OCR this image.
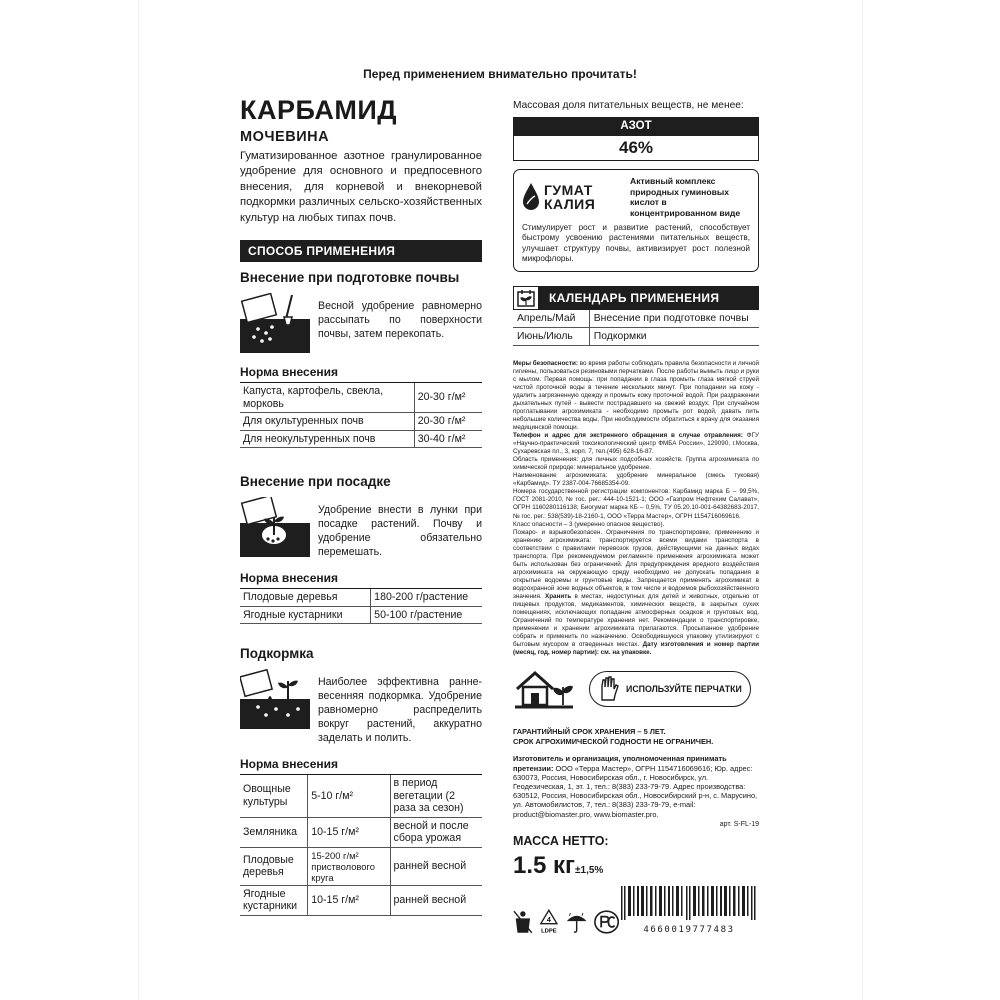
Перед применением внимательно прочитать!
КАРБАМИД
МОЧЕВИНА
Гуматизированное азотное гранулированное удобрение для основного и предпосевного внесения, для корневой и внекорневой подкормки различных сельско-хозяйственных культур на любых типах почв.
СПОСОБ ПРИМЕНЕНИЯ
Внесение при подготовке почвы
Весной удобрение равномерно рассыпать по поверхности почвы, затем перекопать.
Норма внесения
Капуста, картофель, свекла, морковь	20-30 г/м²
Для окультуренных почв	20-30 г/м²
Для неокультуренных почв	30-40 г/м²
Внесение при посадке
Удобрение внести в лунки при посадке растений. Почву и удобрение обязательно перемешать.
Норма внесения
Плодовые деревья	180-200 г/растение
Ягодные кустарники	50-100 г/растение
Подкормка
Наиболее эффективна ранне-весенняя подкормка. Удобрение равномерно распределить вокруг растений, аккуратно заделать и полить.
Норма внесения
Овощные культуры	5-10 г/м²	в период вегетации (2 раза за сезон)
Земляника	10-15 г/м²	весной и после сбора урожая
Плодовые деревья	15-200 г/м² пристволового круга	ранней весной
Ягодные кустарники	10-15 г/м²	ранней весной
Массовая доля питательных веществ, не менее:
АЗОТ
46%
ГУМАТ
КАЛИЯ
Активный комплекс природных гуминовых кислот в концентрированном виде
Стимулирует рост и развитие растений, способствует быстрому усвоению растениями питательных веществ, улучшает структуру почвы, активизирует рост полезной микрофлоры.
КАЛЕНДАРЬ ПРИМЕНЕНИЯ
Апрель/Май	Внесение при подготовке почвы
Июнь/Июль	Подкормки
Меры безопасности: во время работы соблюдать правила безопасности и личной гигиены, пользоваться резиновыми перчатками. После работы вымыть лицо и руки с мылом. Первая помощь: при попадании в глаза промыть глаза мягкой струей чистой проточной воды в течение нескольких минут. При попадании на кожу - удалить загрязненную одежду и промыть кожу проточной водой. При раздражении дыхательных путей - вывести пострадавшего на свежий воздух. При случайном проглатывании агрохимиката - необходимо промыть рот водой, давать пить небольшие количества воды. При необходимости обратиться к врачу для оказания медицинской помощи.
Телефон и адрес для экстренного обращения в случае отравления: ФГУ «Научно-практический токсикологический центр ФМБА России», 129090, г.Москва, Сухаревская пл., 3, корп. 7, тел.(495) 628-16-87.
Область применения: для личных подсобных хозяйств. Группа агрохимиката по химической природе: минеральное удобрение.
Наименование агрохимиката: удобрение минеральное (смесь туковая) «Карбамид». ТУ 2387-004-76685354-09.
Номера государственной регистрации компонентов: Карбамид марка Б – 99,5%, ГОСТ 2081-2010, № гос. рег.: 444-10-1521-1; ООО «Газпром Нефтехим Салават», ОГРН 1160280116138; Биогумат марка КБ – 0,5%, ТУ 05.20.10-001-64382683-2017, № гос. рег.: 538(539)-18-2160-1, ООО «Терра Мастер», ОГРН 1154716069616.
Класс опасности – 3 (умеренно опасное вещество).
Пожаро- и взрывобезопасен. Ограничения по транспортировке, применению и хранению агрохимиката: транспортируется всеми видами транспорта в соответствии с правилами перевозок грузов, действующими на данных видах транспорта. При рекомендуемом регламенте применения агрохимиката может быть использован без ограничений. Для предупреждения вредного воздействия агрохимиката на окружающую среду необходимо не допускать попадания в открытые водоемы и грунтовые воды. Запрещается применять агрохимикат в водоохранной зоне водных объектов, в том числе и водоемов рыбохозяйственного значения. Хранить в местах, недоступных для детей и животных, отдельно от пищевых продуктов, медикаментов, химических веществ, в закрытых сухих помещениях, исключающих попадание атмосферных осадков и грунтовых вод. Ограничений по температуре хранения нет. Рекомендации о транспортировке, применении и хранении агрохимиката прилагаются. Просыпанное удобрение собрать и применить по назначению. Освободившуюся упаковку утилизируют с бытовым мусором в отведенных местах. Дату изготовления и номер партии (месяц, год, номер партии): см. на упаковке.
ИСПОЛЬЗУЙТЕ ПЕРЧАТКИ
ГАРАНТИЙНЫЙ СРОК ХРАНЕНИЯ – 5 ЛЕТ.
СРОК АГРОХИМИЧЕСКОЙ ГОДНОСТИ НЕ ОГРАНИЧЕН.
Изготовитель и организация, уполномоченная принимать претензии: ООО «Терра Мастер», ОГРН 1154716069616; Юр. адрес: 630073, Россия, Новосибирская обл., г. Новосибирск, ул. Геодезическая, 1, эт. 1, тел.: 8(383) 233-79-79. Адрес производства: 630512, Россия, Новосибирская обл., Новосибирский р-н, с. Марусино, ул. Автомобилистов, 7, тел.: 8(383) 233-79-79, e-mail: product@biomaster.pro, www.biomaster.pro.
арт. S-FL-19
МАССА НЕТТО:
1.5 кг±1,5%
4
LDPE	4660019777483
